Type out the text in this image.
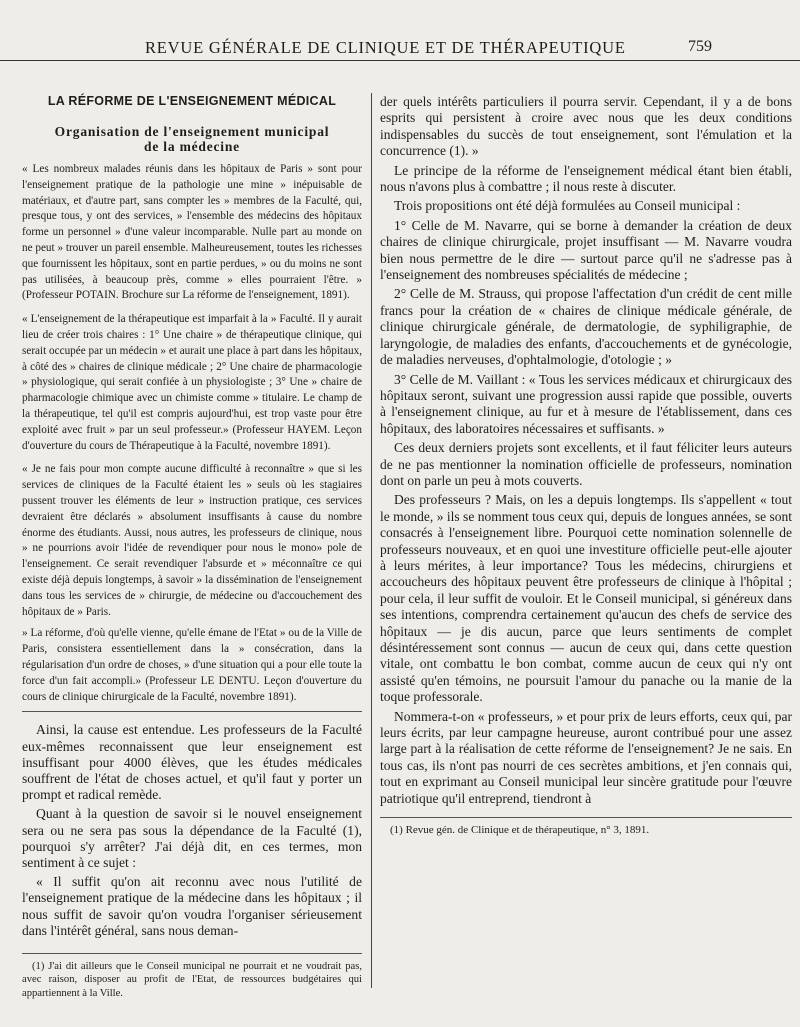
REVUE GÉNÉRALE DE CLINIQUE ET DE THÉRAPEUTIQUE	759
LA RÉFORME DE L'ENSEIGNEMENT MÉDICAL
Organisation de l'enseignement municipal
de la médecine

« Les nombreux malades réunis dans les hôpitaux de Paris » sont pour l'enseignement pratique de la pathologie une mine » inépuisable de matériaux, et d'autre part, sans compter les » membres de la Faculté, qui, presque tous, y ont des services, » l'ensemble des médecins des hôpitaux forme un personnel » d'une valeur incomparable. Nulle part au monde on ne peut » trouver un pareil ensemble. Malheureusement, toutes les richesses que fournissent les hôpitaux, sont en partie perdues, » ou du moins ne sont pas utilisées, à beaucoup près, comme » elles pourraient l'être. » (Professeur POTAIN. Brochure sur La réforme de l'enseignement, 1891).

« L'enseignement de la thérapeutique est imparfait à la » Faculté. Il y aurait lieu de créer trois chaires : 1° Une chaire » de thérapeutique clinique, qui serait occupée par un médecin » et aurait une place à part dans les hôpitaux, à côté des » chaires de clinique médicale ; 2° Une chaire de pharmacologie » physiologique, qui serait confiée à un physiologiste ; 3° Une » chaire de pharmacologie chimique avec un chimiste comme » titulaire. Le champ de la thérapeutique, tel qu'il est compris aujourd'hui, est trop vaste pour être exploité avec fruit » par un seul professeur.» (Professeur HAYEM. Leçon d'ouverture du cours de Thérapeutique à la Faculté, novembre 1891).

« Je ne fais pour mon compte aucune difficulté à reconnaître » que si les services de cliniques de la Faculté étaient les » seuls où les stagiaires pussent trouver les éléments de leur » instruction pratique, ces services devraient être déclarés » absolument insuffisants à cause du nombre énorme des étudiants. Aussi, nous autres, les professeurs de clinique, nous » ne pourrions avoir l'idée de revendiquer pour nous le mono» pole de l'enseignement. Ce serait revendiquer l'absurde et » méconnaître ce qui existe déjà depuis longtemps, à savoir » la dissémination de l'enseignement dans tous les services de » chirurgie, de médecine ou d'accouchement des hôpitaux de » Paris.

» La réforme, d'où qu'elle vienne, qu'elle émane de l'Etat » ou de la Ville de Paris, consistera essentiellement dans la » consécration, dans la régularisation d'un ordre de choses, » d'une situation qui a pour elle toute la force d'un fait accompli.» (Professeur LE DENTU. Leçon d'ouverture du cours de clinique chirurgicale de la Faculté, novembre 1891).

Ainsi, la cause est entendue. Les professeurs de la Faculté eux-mêmes reconnaissent que leur enseignement est insuffisant pour 4000 élèves, que les études médicales souffrent de l'état de choses actuel, et qu'il faut y porter un prompt et radical remède.

Quant à la question de savoir si le nouvel enseignement sera ou ne sera pas sous la dépendance de la Faculté (1), pourquoi s'y arrêter? J'ai déjà dit, en ces termes, mon sentiment à ce sujet :

« Il suffit qu'on ait reconnu avec nous l'utilité de l'enseignement pratique de la médecine dans les hôpitaux ; il nous suffit de savoir qu'on voudra l'organiser sérieusement dans l'intérêt général, sans nous deman-

(1) J'ai dit ailleurs que le Conseil municipal ne pourrait et ne voudrait pas, avec raison, disposer au profit de l'Etat, de ressources budgétaires qui appartiennent à la Ville.

der quels intérêts particuliers il pourra servir. Cependant, il y a de bons esprits qui persistent à croire avec nous que les deux conditions indispensables du succès de tout enseignement, sont l'émulation et la concurrence (1). »

Le principe de la réforme de l'enseignement médical étant bien établi, nous n'avons plus à combattre ; il nous reste à discuter.

Trois propositions ont été déjà formulées au Conseil municipal :

1° Celle de M. Navarre, qui se borne à demander la création de deux chaires de clinique chirurgicale, projet insuffisant — M. Navarre voudra bien nous permettre de le dire — surtout parce qu'il ne s'adresse pas à l'enseignement des nombreuses spécialités de médecine ;

2° Celle de M. Strauss, qui propose l'affectation d'un crédit de cent mille francs pour la création de « chaires de clinique médicale générale, de clinique chirurgicale générale, de dermatologie, de syphiligraphie, de laryngologie, de maladies des enfants, d'accouchements et de gynécologie, de maladies nerveuses, d'ophtalmologie, d'otologie ; »

3° Celle de M. Vaillant : « Tous les services médicaux et chirurgicaux des hôpitaux seront, suivant une progression aussi rapide que possible, ouverts à l'enseignement clinique, au fur et à mesure de l'établissement, dans ces hôpitaux, des laboratoires nécessaires et suffisants. »

Ces deux derniers projets sont excellents, et il faut féliciter leurs auteurs de ne pas mentionner la nomination officielle de professeurs, nomination dont on parle un peu à mots couverts.

Des professeurs ? Mais, on les a depuis longtemps. Ils s'appellent « tout le monde, » ils se nomment tous ceux qui, depuis de longues années, se sont consacrés à l'enseignement libre. Pourquoi cette nomination solennelle de professeurs nouveaux, et en quoi une investiture officielle peut-elle ajouter à leurs mérites, à leur importance? Tous les médecins, chirurgiens et accoucheurs des hôpitaux peuvent être professeurs de clinique à l'hôpital ; pour cela, il leur suffit de vouloir. Et le Conseil municipal, si généreux dans ses intentions, comprendra certainement qu'aucun des chefs de service des hôpitaux — je dis aucun, parce que leurs sentiments de complet désintéressement sont connus — aucun de ceux qui, dans cette question vitale, ont combattu le bon combat, comme aucun de ceux qui n'y ont assisté qu'en témoins, ne poursuit l'amour du panache ou la manie de la toque professorale.

Nommera-t-on « professeurs, » et pour prix de leurs efforts, ceux qui, par leurs écrits, par leur campagne heureuse, auront contribué pour une assez large part à la réalisation de cette réforme de l'enseignement? Je ne sais. En tous cas, ils n'ont pas nourri de ces secrètes ambitions, et j'en connais qui, tout en exprimant au Conseil municipal leur sincère gratitude pour l'œuvre patriotique qu'il entreprend, tiendront à

(1) Revue gén. de Clinique et de thérapeutique, n° 3, 1891.
